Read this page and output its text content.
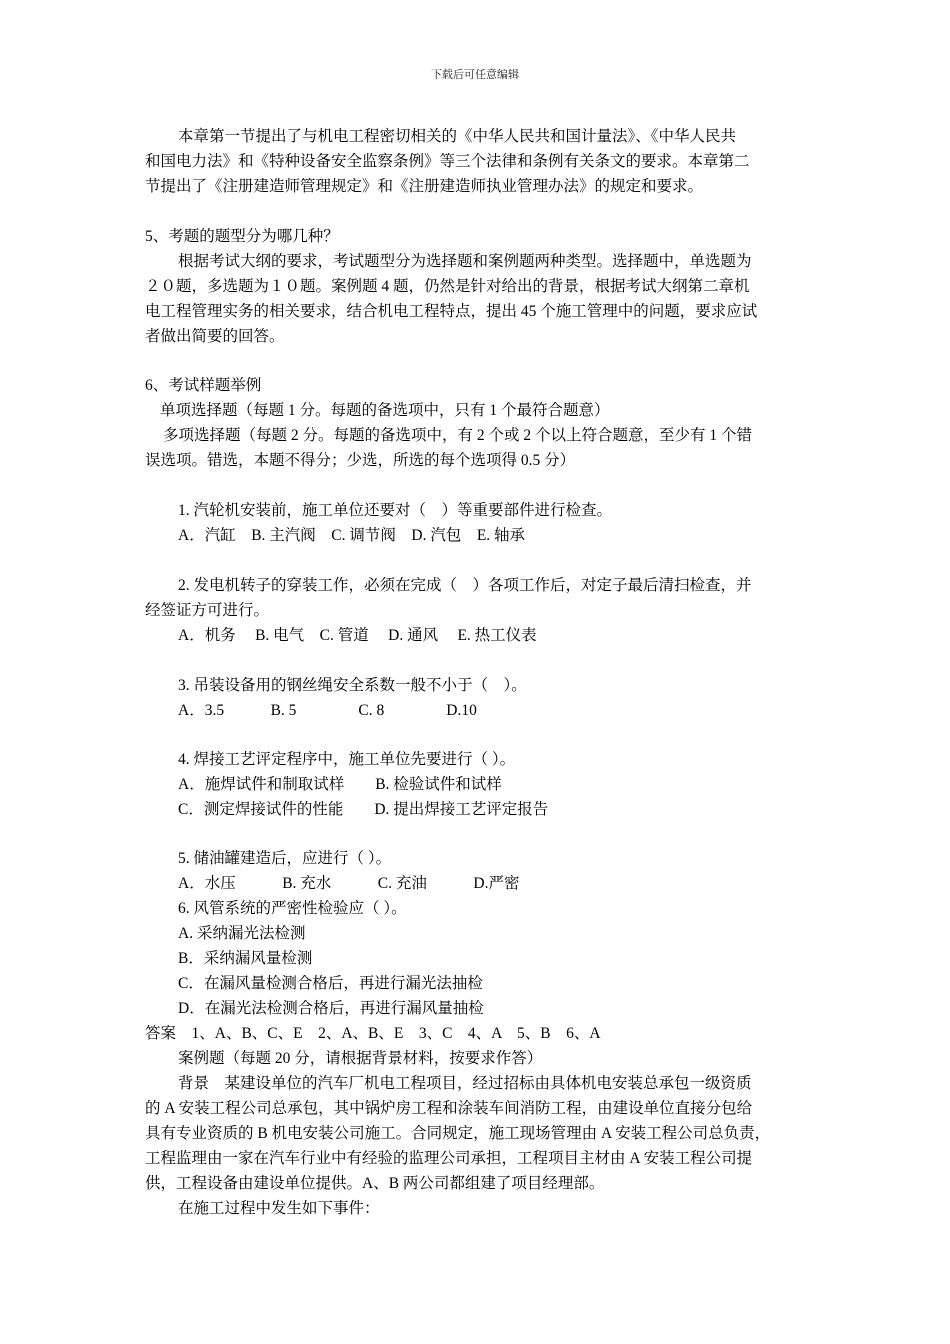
下载后可任意编辑
本章第一节提出了与机电工程密切相关的《中华人民共和国计量法》、《中华人民共
和国电力法》和《特种设备安全监察条例》等三个法律和条例有关条文的要求。本章第二
节提出了《注册建造师管理规定》和《注册建造师执业管理办法》的规定和要求。
5、考题的题型分为哪几种？
根据考试大纲的要求，考试题型分为选择题和案例题两种类型。选择题中，单选题为
２０题，多选题为１０题。案例题 4 题，仍然是针对给出的背景，根据考试大纲第二章机
电工程管理实务的相关要求，结合机电工程特点，提出 45 个施工管理中的问题，要求应试
者做出简要的回答。
6、考试样题举例
单项选择题（每题 1 分。每题的备选项中，只有 1 个最符合题意）
多项选择题（每题 2 分。每题的备选项中，有 2 个或 2 个以上符合题意，至少有 1 个错
误选项。错选，本题不得分；少选，所选的每个选项得 0.5 分）
1. 汽轮机安装前，施工单位还要对（　）等重要部件进行检查。
A．汽缸　B. 主汽阀　C. 调节阀　D. 汽包　E. 轴承
2. 发电机转子的穿装工作，必须在完成（　）各项工作后，对定子最后清扫检查，并
经签证方可进行。
A．机务　 B. 电气　C. 管道　 D. 通风　 E. 热工仪表
3. 吊装设备用的钢丝绳安全系数一般不小于（　）。
A．3.5　　　B. 5　　　　C. 8　　　　D.10
4. 焊接工艺评定程序中，施工单位先要进行（ ）。
A．施焊试件和制取试样　　B. 检验试件和试样
C．测定焊接试件的性能　　D. 提出焊接工艺评定报告
5. 储油罐建造后，应进行（ ）。
A．水压　　　B. 充水　　　C. 充油　　　D.严密
6. 风管系统的严密性检验应（ ）。
A. 采纳漏光法检测
B．采纳漏风量检测
C．在漏风量检测合格后，再进行漏光法抽检
D．在漏光法检测合格后，再进行漏风量抽检
答案　1、A、B、C、E　2、A、B、E　3、C　4、A　5、B　6、A
案例题（每题 20 分，请根据背景材料，按要求作答）
背景　某建设单位的汽车厂机电工程项目，经过招标由具体机电安装总承包一级资质
的 A 安装工程公司总承包，其中锅炉房工程和涂装车间消防工程，由建设单位直接分包给
具有专业资质的 B 机电安装公司施工。合同规定，施工现场管理由 A 安装工程公司总负责，
工程监理由一家在汽车行业中有经验的监理公司承担，工程项目主材由 A 安装工程公司提
供，工程设备由建设单位提供。A、B 两公司都组建了项目经理部。
在施工过程中发生如下事件：
